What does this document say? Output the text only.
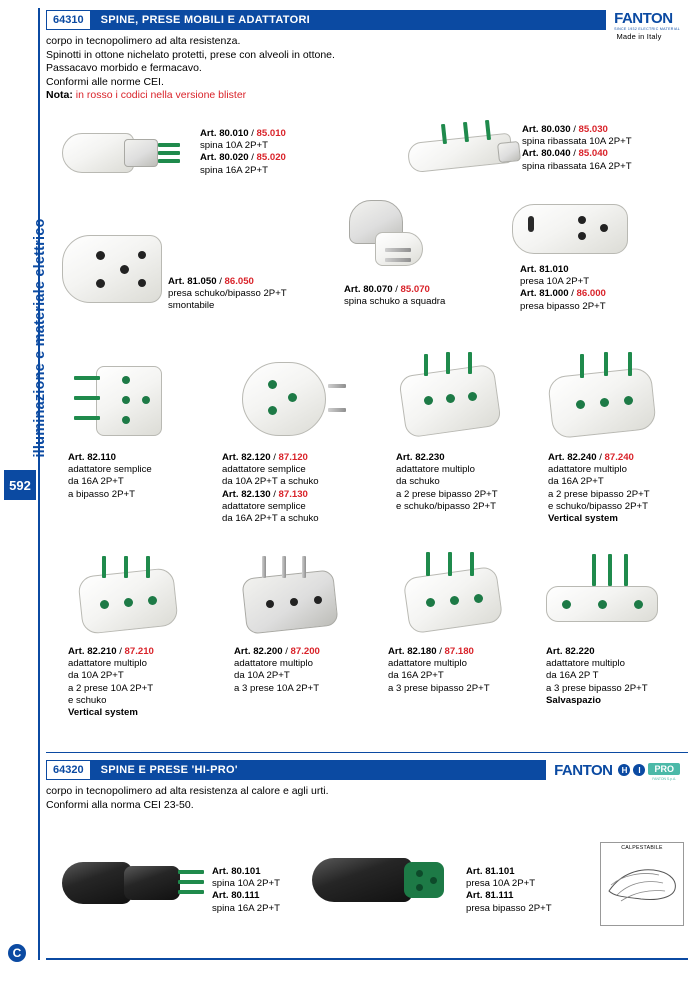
illuminazione e materiale elettrico
592
C
Made in Italy
64310	SPINE, PRESE MOBILI E ADATTATORI	FANTON
SINCE 1932 ELECTRIC MATERIAL
corpo in tecnopolimero ad alta resistenza.
Spinotti in ottone nichelato protetti, prese con alveoli in ottone.
Passacavo morbido e fermacavo.
Conformi alle norme CEI.
Nota: in rosso i codici nella versione blister
Art. 80.010 / 85.010
spina 10A 2P+T
Art. 80.020 / 85.020
spina 16A 2P+T
Art. 80.030 / 85.030
spina ribassata 10A 2P+T
Art. 80.040 / 85.040
spina ribassata 16A 2P+T
Art. 81.050 / 86.050
presa schuko/bipasso 2P+T
smontabile
Art. 80.070 / 85.070
spina schuko a squadra
Art. 81.010
presa 10A 2P+T
Art. 81.000 / 86.000
presa bipasso 2P+T
Art. 82.110
adattatore semplice
da 16A 2P+T
a bipasso 2P+T
Art. 82.120 / 87.120
adattatore semplice
da 10A 2P+T a schuko
Art. 82.130 / 87.130
adattatore semplice
da 16A 2P+T a schuko
Art. 82.230
adattatore multiplo
da schuko
a 2 prese bipasso 2P+T
e schuko/bipasso 2P+T
Art. 82.240 / 87.240
adattatore multiplo
da 16A 2P+T
a 2 prese bipasso 2P+T
e schuko/bipasso 2P+T
Vertical system
Art. 82.210 / 87.210
adattatore multiplo
da 10A 2P+T
a 2 prese 10A 2P+T
e schuko
Vertical system
Art. 82.200 / 87.200
adattatore multiplo
da 10A 2P+T
a 3 prese 10A 2P+T
Art. 82.180 / 87.180
adattatore multiplo
da 16A 2P+T
a 3 prese bipasso 2P+T
Art. 82.220
adattatore multiplo
da 16A 2P T
a 3 prese bipasso 2P+T
Salvaspazio
64320	SPINE E PRESE 'HI-PRO'	FANTON	H	I	PRO
FANTON S.p.A.
corpo in tecnopolimero ad alta resistenza al calore e agli urti.
Conformi alla norma CEI 23-50.
Art. 80.101
spina 10A 2P+T
Art. 80.111
spina 16A 2P+T
Art. 81.101
presa 10A 2P+T
Art. 81.111
presa bipasso 2P+T
CALPESTABILE
